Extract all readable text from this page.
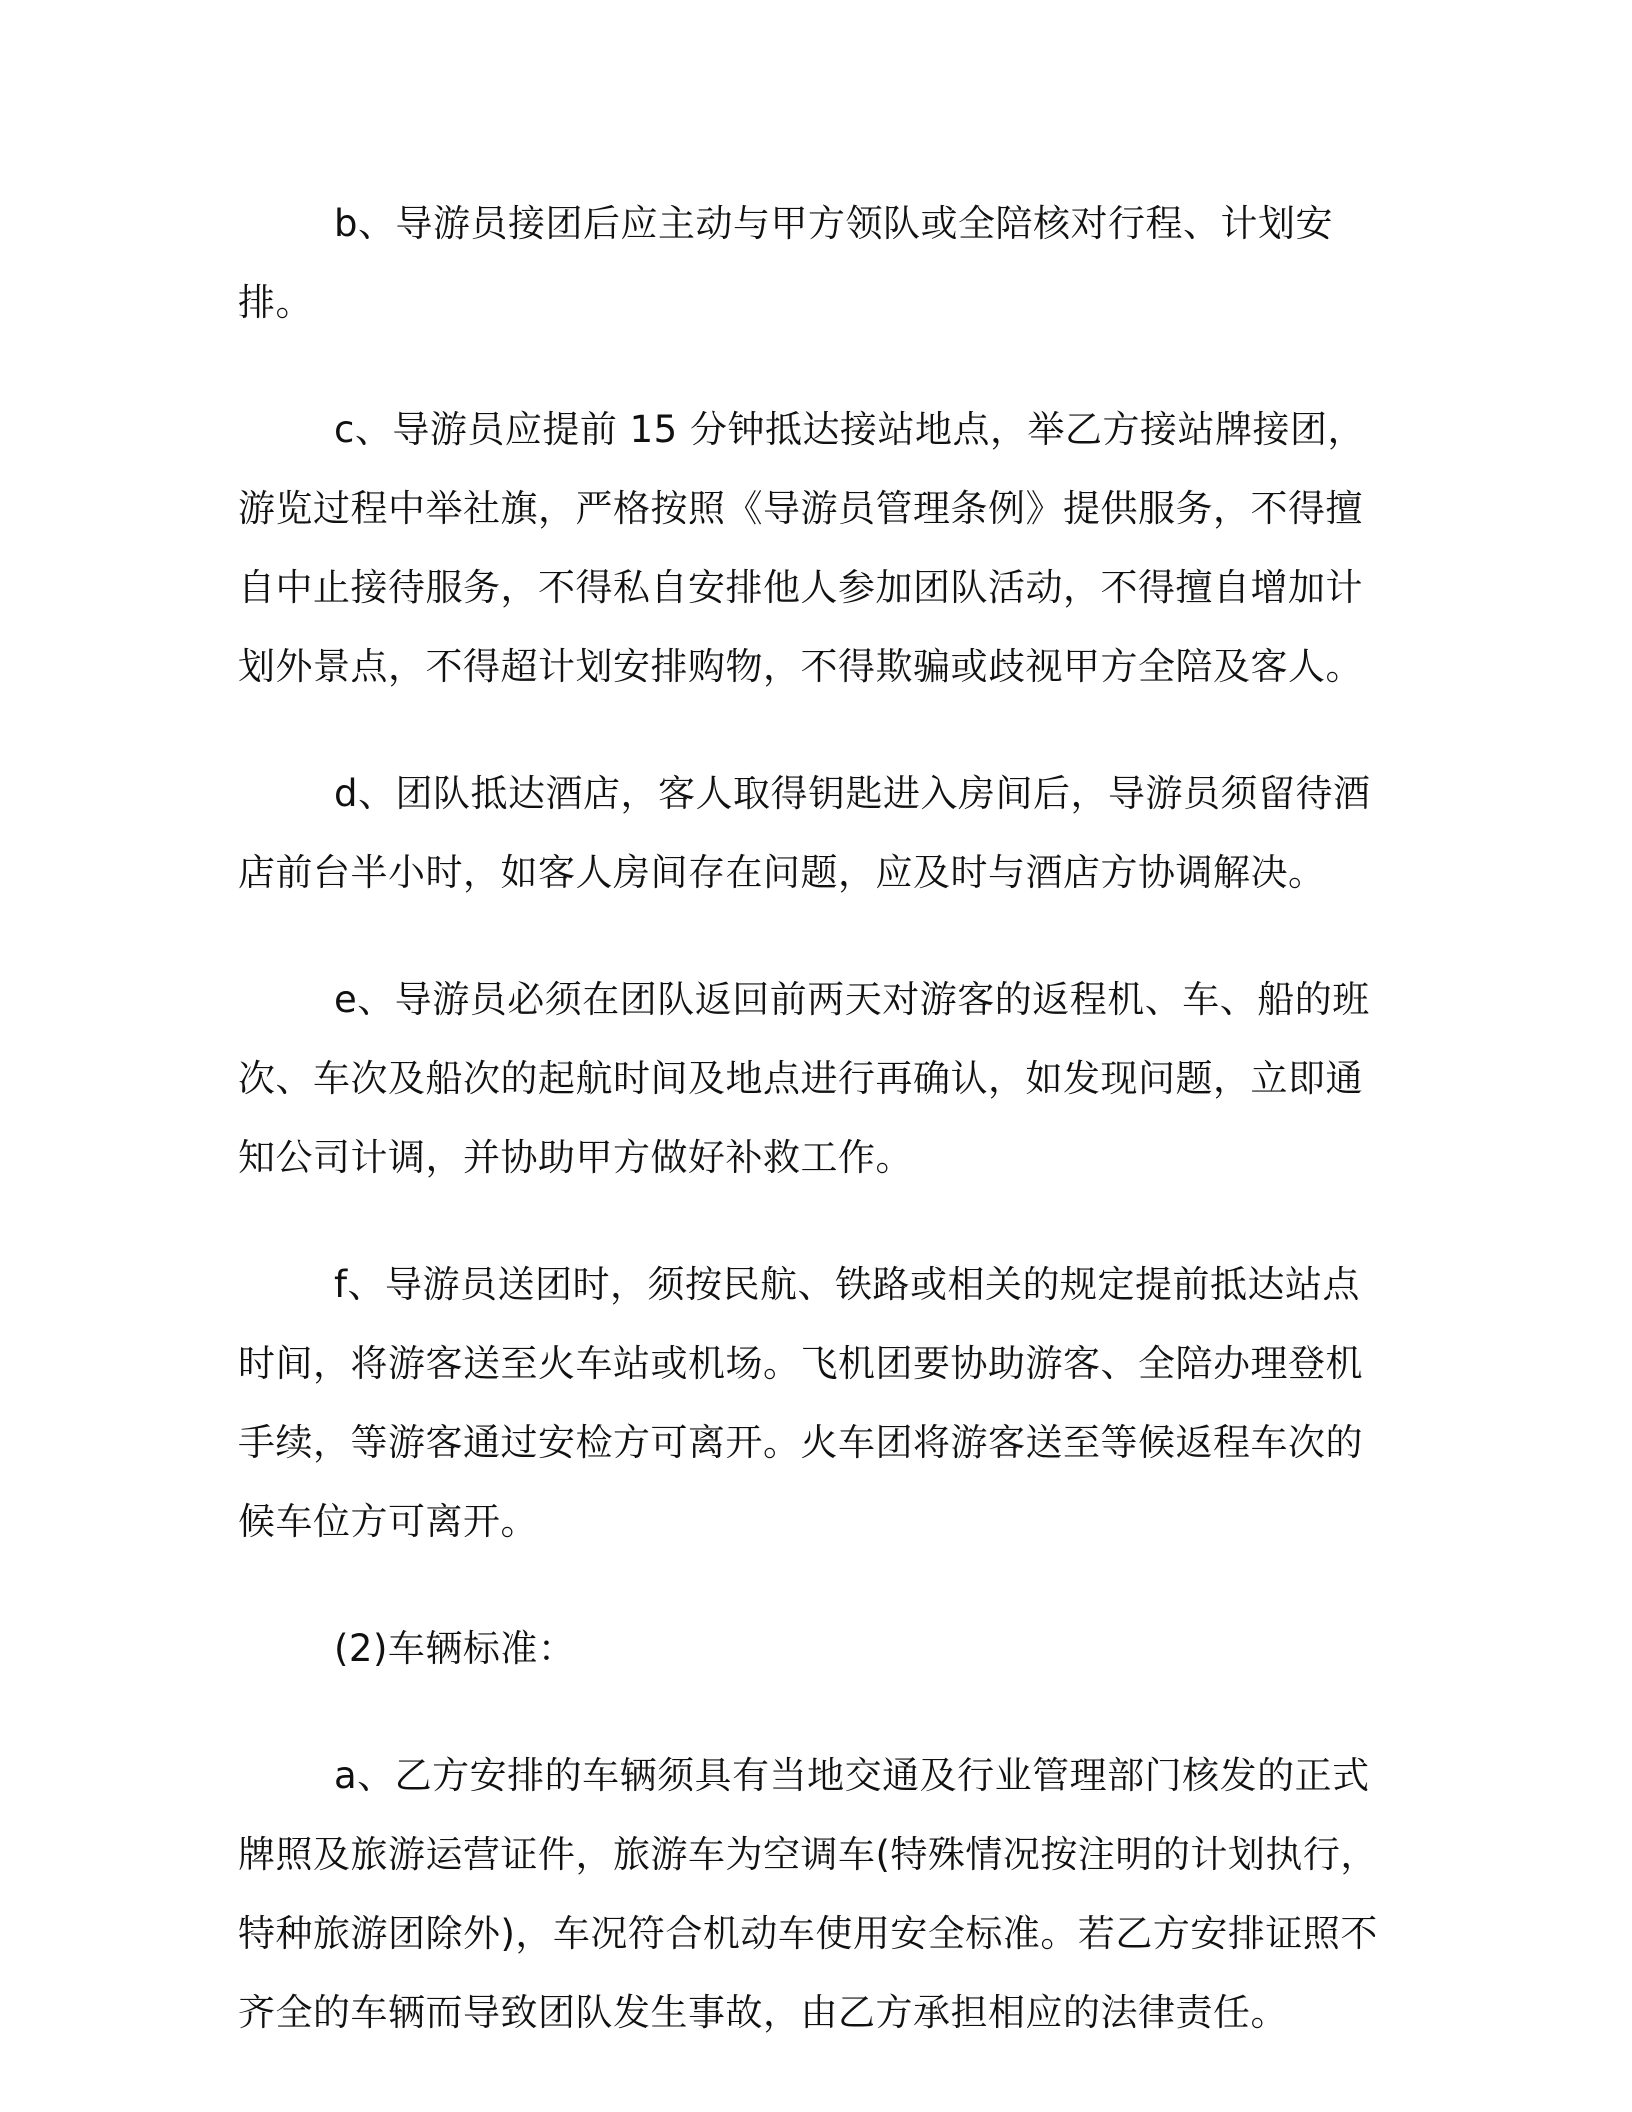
b、导游员接团后应主动与甲方领队或全陪核对行程、计划安排。

c、导游员应提前 15 分钟抵达接站地点，举乙方接站牌接团，游览过程中举社旗，严格按照《导游员管理条例》提供服务，不得擅自中止接待服务，不得私自安排他人参加团队活动，不得擅自增加计划外景点，不得超计划安排购物，不得欺骗或歧视甲方全陪及客人。

d、团队抵达酒店，客人取得钥匙进入房间后，导游员须留待酒店前台半小时，如客人房间存在问题，应及时与酒店方协调解决。

e、导游员必须在团队返回前两天对游客的返程机、车、船的班次、车次及船次的起航时间及地点进行再确认，如发现问题，立即通知公司计调，并协助甲方做好补救工作。

f、导游员送团时，须按民航、铁路或相关的规定提前抵达站点时间，将游客送至火车站或机场。飞机团要协助游客、全陪办理登机手续，等游客通过安检方可离开。火车团将游客送至等候返程车次的候车位方可离开。

(2)车辆标准：

a、乙方安排的车辆须具有当地交通及行业管理部门核发的正式牌照及旅游运营证件，旅游车为空调车(特殊情况按注明的计划执行，特种旅游团除外)，车况符合机动车使用安全标准。若乙方安排证照不齐全的车辆而导致团队发生事故，由乙方承担相应的法律责任。
